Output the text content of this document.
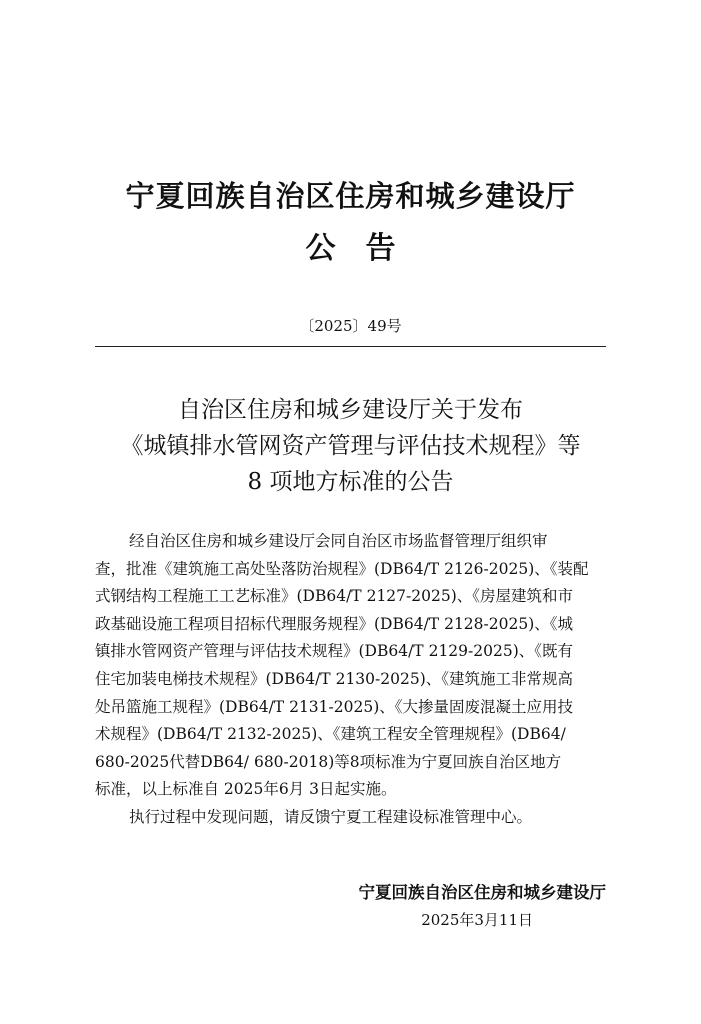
宁夏回族自治区住房和城乡建设厅
公　告
〔2025〕49号
自治区住房和城乡建设厅关于发布
《城镇排水管网资产管理与评估技术规程》等
8 项地方标准的公告
经自治区住房和城乡建设厅会同自治区市场监督管理厅组织审
查，批准《建筑施工高处坠落防治规程》(DB64/T 2126-2025)、《装配
式钢结构工程施工工艺标准》(DB64/T 2127-2025)、《房屋建筑和市
政基础设施工程项目招标代理服务规程》(DB64/T 2128-2025)、《城
镇排水管网资产管理与评估技术规程》(DB64/T 2129-2025)、《既有
住宅加装电梯技术规程》(DB64/T 2130-2025)、《建筑施工非常规高
处吊篮施工规程》(DB64/T 2131-2025)、《大掺量固废混凝土应用技
术规程》(DB64/T 2132-2025)、《建筑工程安全管理规程》(DB64/
680-2025代替DB64/ 680-2018)等8项标准为宁夏回族自治区地方
标准，以上标准自 2025年6月 3日起实施。
执行过程中发现问题，请反馈宁夏工程建设标准管理中心。
宁夏回族自治区住房和城乡建设厅
2025年3月11日
